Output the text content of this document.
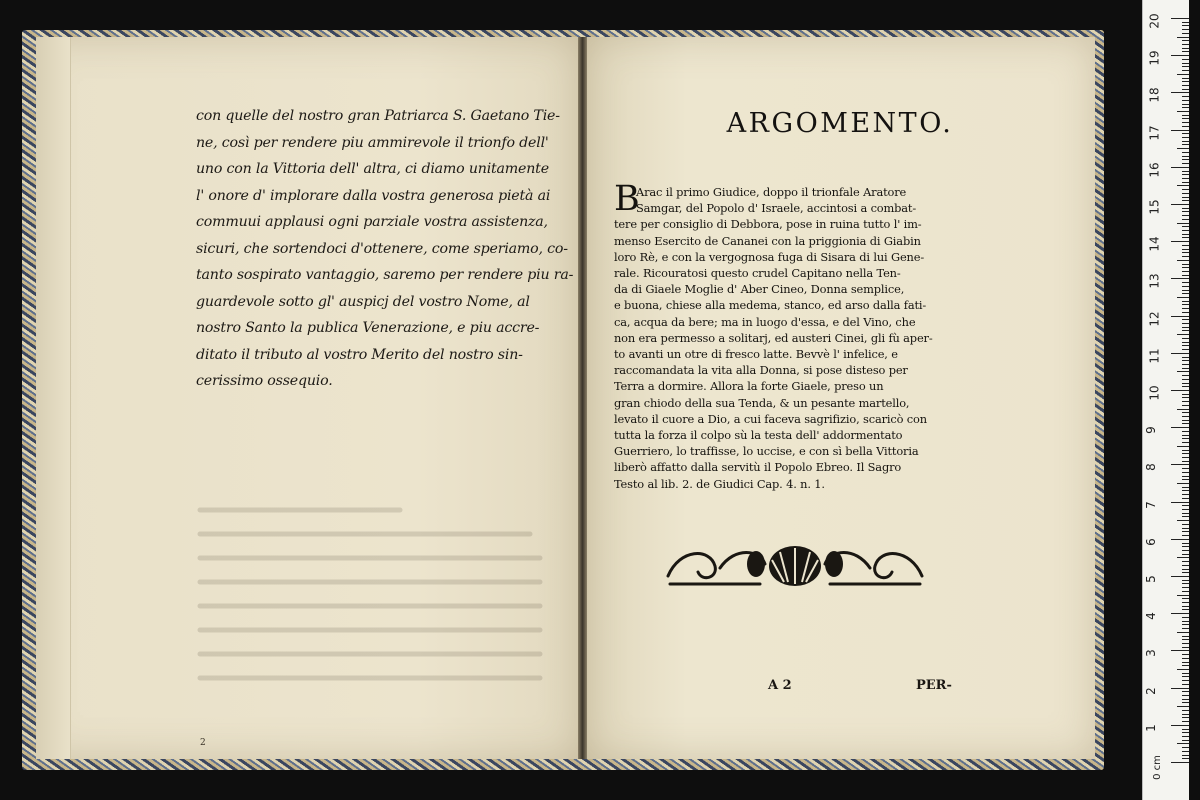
con quelle del nostro gran Patriarca S. Gaetano Tie-
ne, così per rendere piu ammirevole il trionfo dell'
uno con la Vittoria dell' altra, ci diamo unitamente
l' onore d' implorare dalla vostra generosa pietà ai
commuui applausi ogni parziale vostra assistenza,
sicuri, che sortendoci d'ottenere, come speriamo, co-
tanto sospirato vantaggio, saremo per rendere piu ra-
guardevole sotto gl' auspicj del vostro Nome, al
nostro Santo la publica Venerazione, e piu accre-
ditato il tributo al vostro Merito del nostro sin-
cerissimo ossequio.
2
ARGOMENTO.
B
Arac il primo Giudice, doppo il trionfale Aratore
Samgar, del Popolo d' Israele, accintosi a combat-
tere per consiglio di Debbora, pose in ruina tutto l' im-
menso Esercito de Cananei con la priggionia di Giabin
loro Rè, e con la vergognosa fuga di Sisara di lui Gene-
rale. Ricouratosi questo crudel Capitano nella Ten-
da di Giaele Moglie d' Aber Cineo, Donna semplice,
e buona, chiese alla medema, stanco, ed arso dalla fati-
ca, acqua da bere; ma in luogo d'essa, e del Vino, che
non era permesso a solitarj, ed austeri Cinei, gli fù aper-
to avanti un otre di fresco latte. Bevvè l' infelice, e
raccomandata la vita alla Donna, si pose disteso per
Terra a dormire. Allora la forte Giaele, preso un
gran chiodo della sua Tenda, & un pesante martello,
levato il cuore a Dio, a cui faceva sagrifizio, scaricò con
tutta la forza il colpo sù la testa dell' addormentato
Guerriero, lo traffisse, lo uccise, e con sì bella Vittoria
liberò affatto dalla servitù il Popolo Ebreo. Il Sagro
Testo al lib. 2. de Giudici Cap. 4. n. 1.
A 2	PER-
0 cm
20
19
18
17
16
15
14
13
12
11
10
9
8
7
6
5
4
3
2
1
